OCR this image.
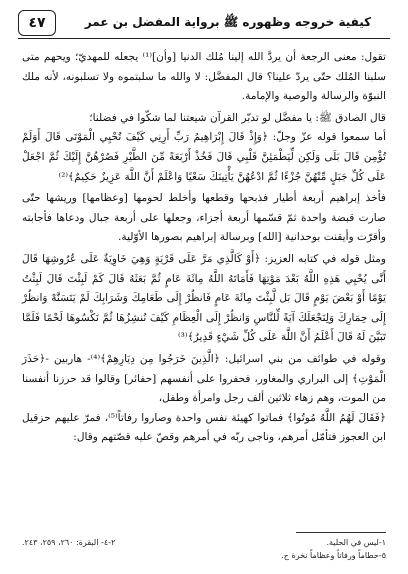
كيفية خروجه وظهوره ﷺ برواية المفضل بن عمر
٤٧

تقول: معنى الرجعة أن يردَّ الله إلينا مُلك الدنيا [وأن]⁽¹⁾ يجعله للمهديّ؛ ويحهم متى سلبنا المُلك حتّى يردّ علينا؟ قال المفضَّل: لا والله ما سلبتموه ولا تسلبونه، لأنه ملك النبوّة والرسالة والوصية والإمامة.

قال الصادق ﷺ: يا مفضَّل لو تدبّر القرآن شيعتنا لما شكّوا في فضلنا؛

أما سمعوا قوله عزّ وجلّ: ﴿وَإِذْ قَالَ إِبْرَاهِيمُ رَبِّ أَرِنِي كَيْفَ تُحْيِي الْمَوْتَى قَالَ أَوَلَمْ تُؤْمِن قَالَ بَلَى وَلَكِن لِّيَطْمَئِنَّ قَلْبِي قَالَ فَخُذْ أَرْبَعَةً مِّنَ الطَّيْرِ فَصُرْهُنَّ إِلَيْكَ ثُمَّ اجْعَلْ عَلَى كُلِّ جَبَلٍ مِّنْهُنَّ جُزْءًا ثُمَّ ادْعُهُنَّ يَأْتِينَكَ سَعْيًا وَاعْلَمْ أَنَّ اللَّهَ عَزِيزٌ حَكِيمٌ﴾⁽²⁾

فأخذ إبراهيم أربعة أطيار فذبحها وقطعها وأخلط لحومها [وعظامها] وريشها حتّى صارت قبضة واحدة ثمّ قسّمها أربعة أجزاء، وجعلها على أربعة جبال ودعاها فأجابته وأقرّت وأيقنت بوحدانية [الله] وبرسالة إبراهيم بصورها الأوّلية.

ومثل قوله في كتابه العزيز: ﴿أَوْ كَالَّذِي مَرَّ عَلَى قَرْيَةٍ وَهِيَ خَاوِيَةٌ عَلَى عُرُوشِهَا قَالَ أَنَّى يُحْيِي هَذِهِ اللَّهُ بَعْدَ مَوْتِهَا فَأَمَاتَهُ اللَّهُ مِائَةَ عَامٍ ثُمَّ بَعَثَهُ قَالَ كَمْ لَبِثْتَ قَالَ لَبِثْتُ يَوْمًا أَوْ بَعْضَ يَوْمٍ قَالَ بَل لَّبِثْتَ مِائَةَ عَامٍ فَانظُرْ إِلَى طَعَامِكَ وَشَرَابِكَ لَمْ يَتَسَنَّهْ وَانظُرْ إِلَى حِمَارِكَ وَلِنَجْعَلَكَ آيَةً لِّلنَّاسِ وَانظُرْ إِلَى الْعِظَامِ كَيْفَ نُنشِزُهَا ثُمَّ نَكْسُوهَا لَحْمًا فَلَمَّا تَبَيَّنَ لَهُ قَالَ أَعْلَمُ أَنَّ اللَّهَ عَلَى كُلِّ شَيْءٍ قَدِيرٌ﴾⁽³⁾

وقوله في طوائف من بني اسرائيل: ﴿الَّذِينَ خَرَجُوا مِن دِيَارِهِمْ﴾⁽⁴⁾- هاربين -﴿حَذَرَ الْمَوْتِ﴾ إلى البراري والمغاور، فحفروا على أنفسهم [حفائر] وقالوا قد حرزنا أنفسنا من الموت، وهم زهاء ثلاثين ألف رجل وامرأة وطفل،

﴿فَقَالَ لَهُمُ اللَّهُ مُوتُوا﴾ فماتوا كهيئة نفس واحدة وصاروا رفاتاً⁽⁵⁾، فمرّ عليهم حزقيل ابن العجوز فتأمّل أمرهم، وناجى ربّه في أمرهم وقصّ عليه قصّتهم وقال:

١-ليس في الحلية.
٢-٤- البقرة: ٢٦٠، ٢٥٩، ٢٤٣.
٥-حطاماً ورفاتاً وعظاماً نخرة ح.
